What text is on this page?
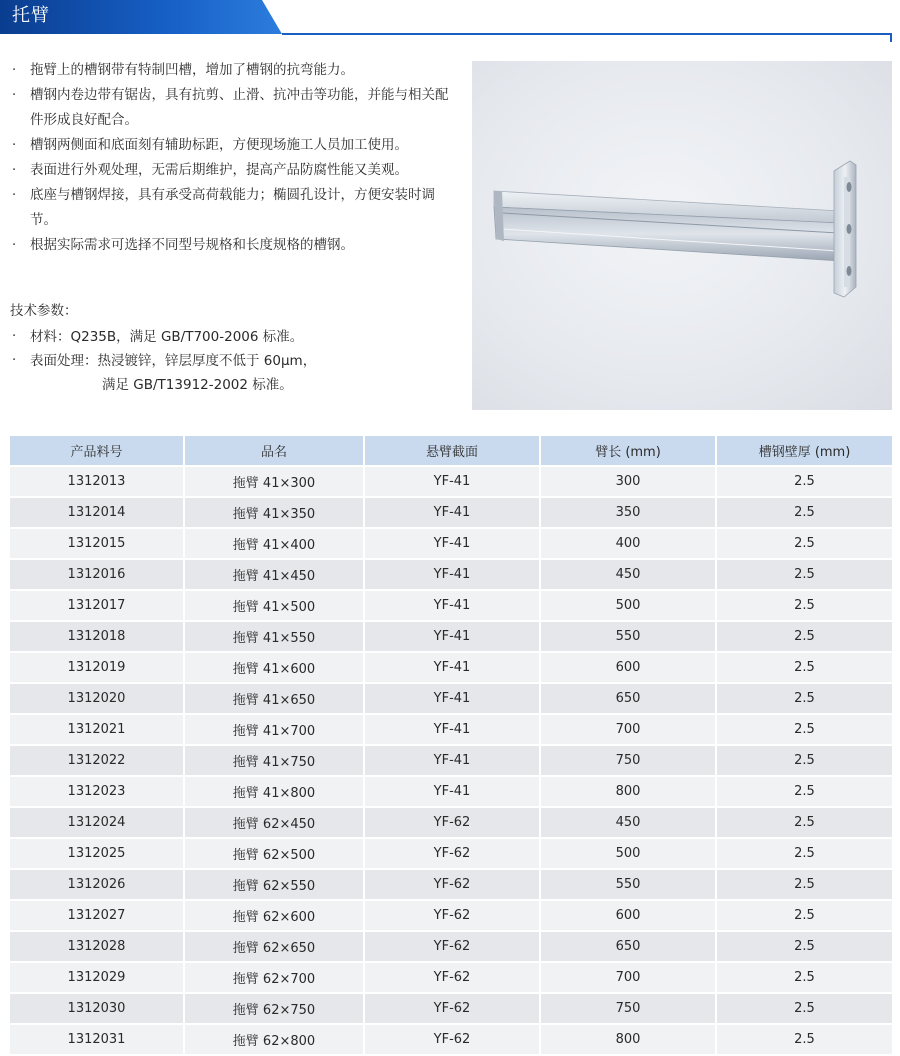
托臂
·	拖臂上的槽钢带有特制凹槽，增加了槽钢的抗弯能力。
·	槽钢内卷边带有锯齿，具有抗剪、止滑、抗冲击等功能，并能与相关配件形成良好配合。
·	槽钢两侧面和底面刻有辅助标距，方便现场施工人员加工使用。
·	表面进行外观处理，无需后期维护，提高产品防腐性能又美观。
·	底座与槽钢焊接，具有承受高荷载能力；椭圆孔设计，方便安装时调节。
·	根据实际需求可选择不同型号规格和长度规格的槽钢。
技术参数：
·	材料：Q235B，满足 GB/T700-2006 标准。
·	表面处理：热浸镀锌，锌层厚度不低于 60μm，
满足 GB/T13912-2002 标准。
产品料号	品名	悬臂截面	臂长 (mm)	槽钢壁厚 (mm)
1312013	拖臂 41×300	YF-41	300	2.5
1312014	拖臂 41×350	YF-41	350	2.5
1312015	拖臂 41×400	YF-41	400	2.5
1312016	拖臂 41×450	YF-41	450	2.5
1312017	拖臂 41×500	YF-41	500	2.5
1312018	拖臂 41×550	YF-41	550	2.5
1312019	拖臂 41×600	YF-41	600	2.5
1312020	拖臂 41×650	YF-41	650	2.5
1312021	拖臂 41×700	YF-41	700	2.5
1312022	拖臂 41×750	YF-41	750	2.5
1312023	拖臂 41×800	YF-41	800	2.5
1312024	拖臂 62×450	YF-62	450	2.5
1312025	拖臂 62×500	YF-62	500	2.5
1312026	拖臂 62×550	YF-62	550	2.5
1312027	拖臂 62×600	YF-62	600	2.5
1312028	拖臂 62×650	YF-62	650	2.5
1312029	拖臂 62×700	YF-62	700	2.5
1312030	拖臂 62×750	YF-62	750	2.5
1312031	拖臂 62×800	YF-62	800	2.5
